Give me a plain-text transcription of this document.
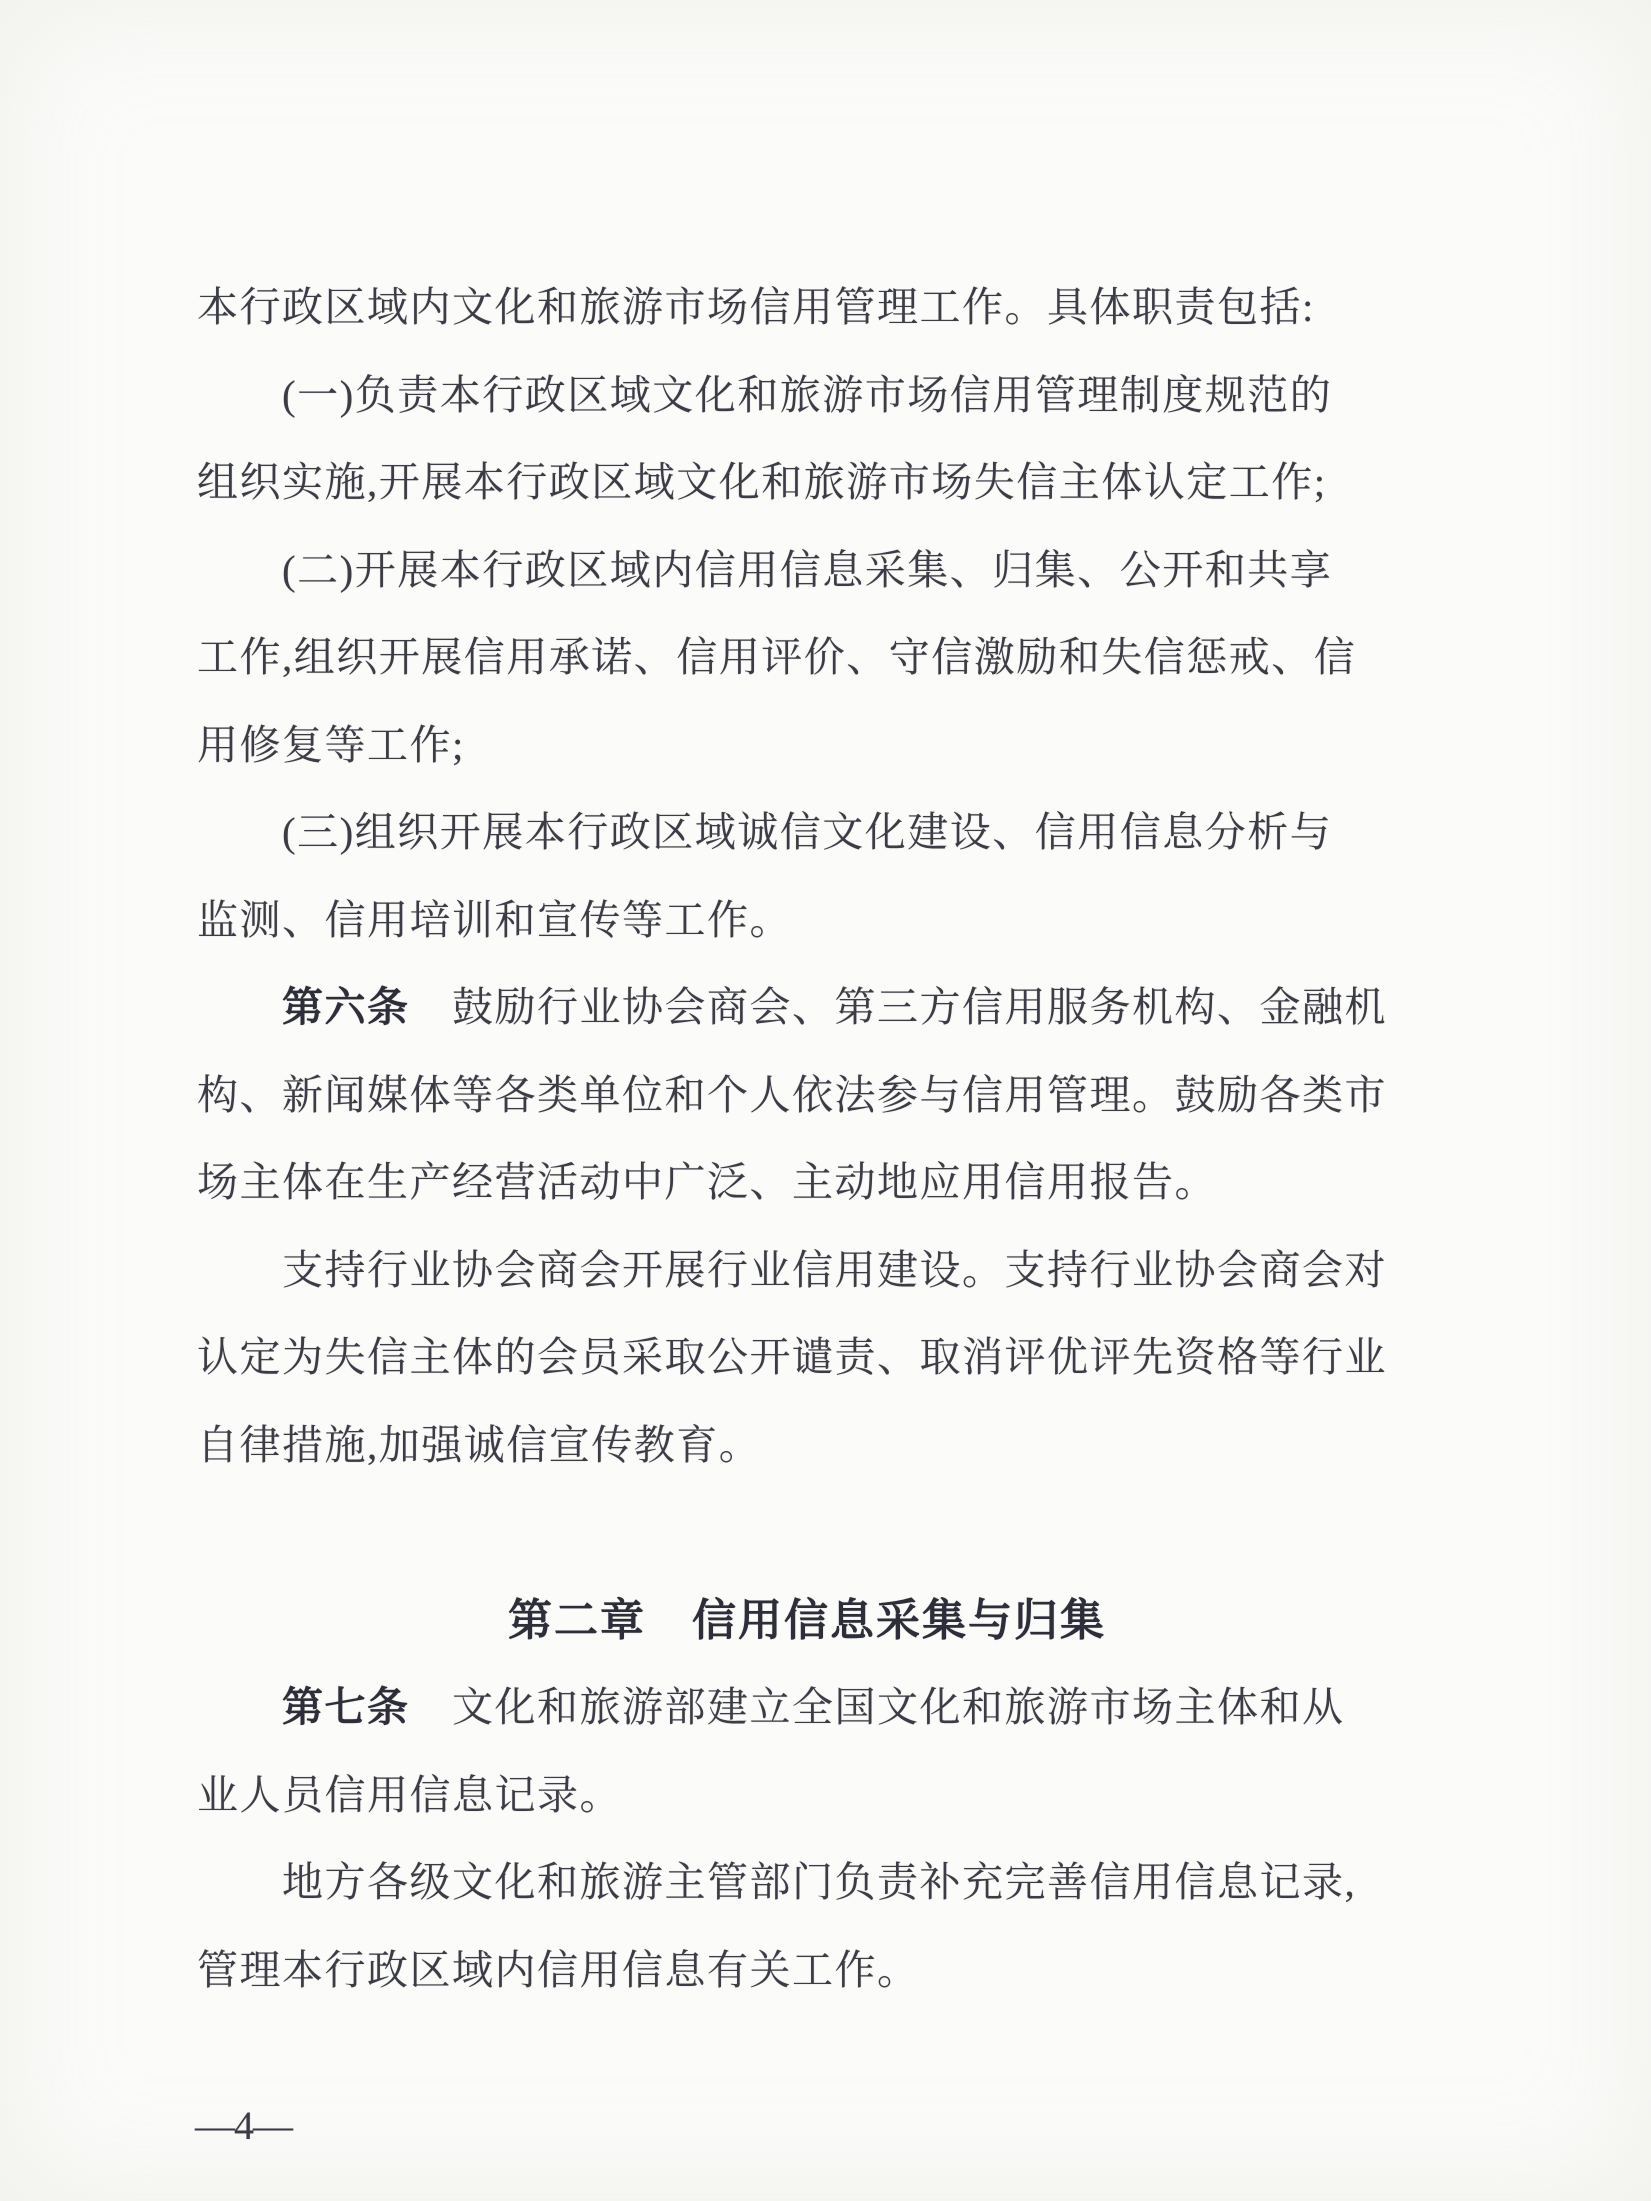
本行政区域内文化和旅游市场信用管理工作。具体职责包括:
(一)负责本行政区域文化和旅游市场信用管理制度规范的
组织实施,开展本行政区域文化和旅游市场失信主体认定工作;
(二)开展本行政区域内信用信息采集、归集、公开和共享
工作,组织开展信用承诺、信用评价、守信激励和失信惩戒、信
用修复等工作;
(三)组织开展本行政区域诚信文化建设、信用信息分析与
监测、信用培训和宣传等工作。
第六条　鼓励行业协会商会、第三方信用服务机构、金融机
构、新闻媒体等各类单位和个人依法参与信用管理。鼓励各类市
场主体在生产经营活动中广泛、主动地应用信用报告。
支持行业协会商会开展行业信用建设。支持行业协会商会对
认定为失信主体的会员采取公开谴责、取消评优评先资格等行业
自律措施,加强诚信宣传教育。
第二章　信用信息采集与归集
第七条　文化和旅游部建立全国文化和旅游市场主体和从
业人员信用信息记录。
地方各级文化和旅游主管部门负责补充完善信用信息记录,
管理本行政区域内信用信息有关工作。
—4—
